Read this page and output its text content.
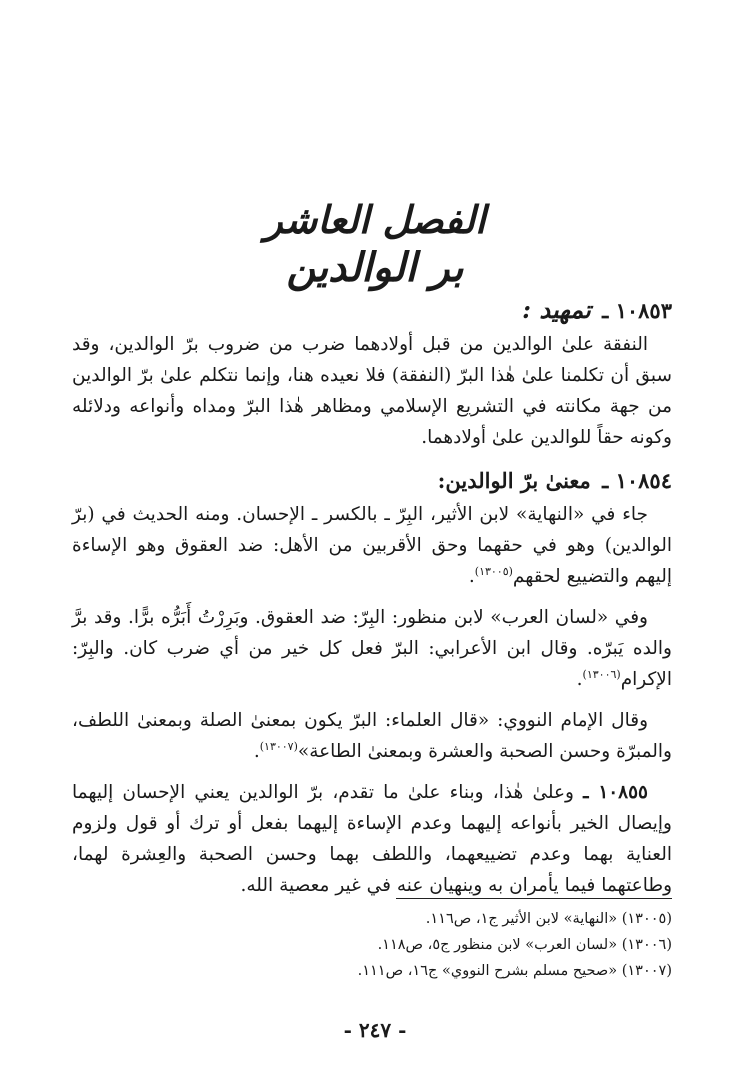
الفصل العاشر
بر الوالدين

١٠٨٥٣ ـ تمهيد :

النفقة علىٰ الوالدين من قبل أولادهما ضرب من ضروب برّ الوالدين، وقد سبق أن تكلمنا علىٰ هٰذا البرّ (النفقة) فلا نعيده هنا، وإنما نتكلم علىٰ برّ الوالدين من جهة مكانته في التشريع الإسلامي ومظاهر هٰذا البرّ ومداه وأنواعه ودلائله وكونه حقاً للوالدين علىٰ أولادهما.

١٠٨٥٤ ـ معنىٰ برّ الوالدين:

جاء في «النهاية» لابن الأثير، البِرّ ـ بالكسر ـ الإحسان. ومنه الحديث في (برّ الوالدين) وهو في حقهما وحق الأقربين من الأهل: ضد العقوق وهو الإساءة إليهم والتضييع لحقهم$^{(١٣٠٠٥)}$.

وفي «لسان العرب» لابن منظور: البِرّ: ضد العقوق. وبَرِرْتُ أَبَرُّه برًّا. وقد برَّ والده يَبرّه. وقال ابن الأعرابي: البرّ فعل كل خير من أي ضرب كان. والبِرّ: الإكرام$^{(١٣٠٠٦)}$.

وقال الإمام النووي: «قال العلماء: البرّ يكون بمعنىٰ الصلة وبمعنىٰ اللطف، والمبرّة وحسن الصحبة والعشرة وبمعنىٰ الطاعة»$^{(١٣٠٠٧)}$.

١٠٨٥٥ ـ وعلىٰ هٰذا، وبناء علىٰ ما تقدم، برّ الوالدين يعني الإحسان إليهما وإيصال الخير بأنواعه إليهما وعدم الإساءة إليهما بفعل أو ترك أو قول ولزوم العناية بهما وعدم تضييعهما، واللطف بهما وحسن الصحبة والعِشرة لهما، وطاعتهما فيما يأمران به وينهيان عنه في غير معصية الله.

(١٣٠٠٥) «النهاية» لابن الأثير ج١، ص١١٦.

(١٣٠٠٦) «لسان العرب» لابن منظور ج٥، ص١١٨.

(١٣٠٠٧) «صحيح مسلم بشرح النووي» ج١٦، ص١١١.

- ٢٤٧ -
